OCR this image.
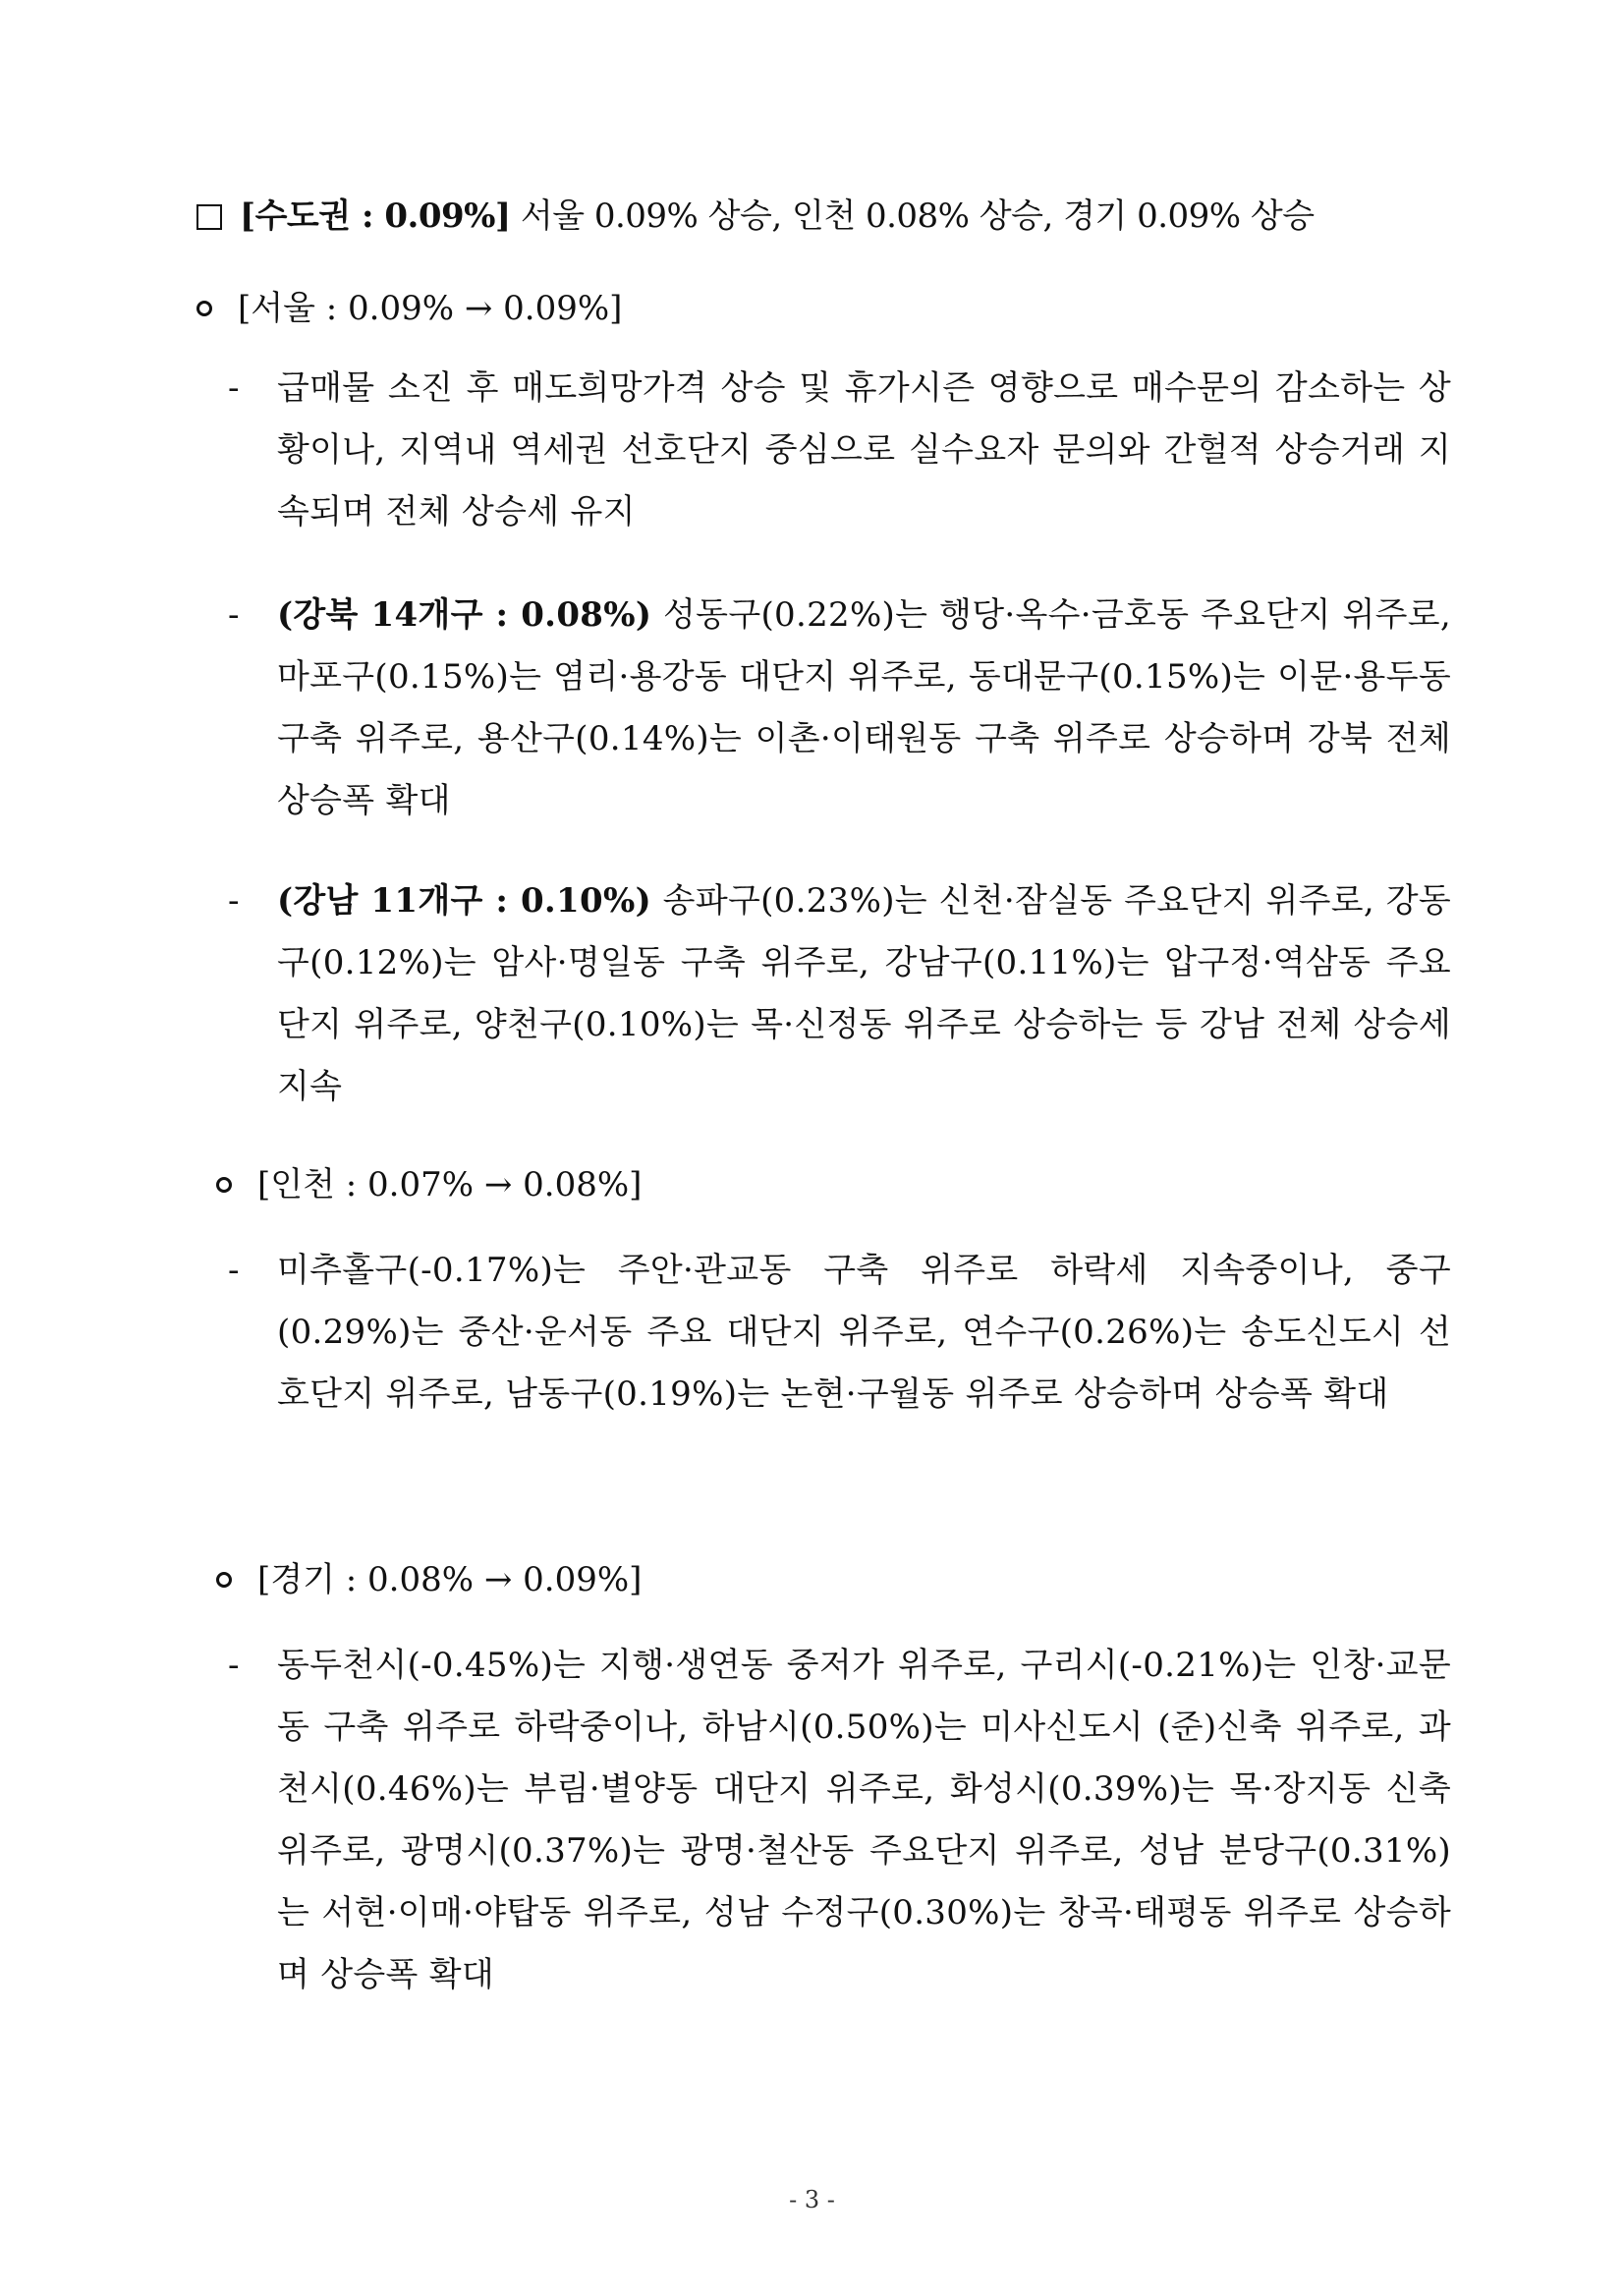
[수도권 : 0.09%] 서울 0.09% 상승, 인천 0.08% 상승, 경기 0.09% 상승
[서울 : 0.09% → 0.09%]
- 급매물 소진 후 매도희망가격 상승 및 휴가시즌 영향으로 매수문의 감소하는 상황이나, 지역내 역세권 선호단지 중심으로 실수요자 문의와 간헐적 상승거래 지속되며 전체 상승세 유지
- (강북 14개구 : 0.08%) 성동구(0.22%)는 행당·옥수·금호동 주요단지 위주로, 마포구(0.15%)는 염리·용강동 대단지 위주로, 동대문구(0.15%)는 이문·용두동 구축 위주로, 용산구(0.14%)는 이촌·이태원동 구축 위주로 상승하며 강북 전체 상승폭 확대
- (강남 11개구 : 0.10%) 송파구(0.23%)는 신천·잠실동 주요단지 위주로, 강동구(0.12%)는 암사·명일동 구축 위주로, 강남구(0.11%)는 압구정·역삼동 주요단지 위주로, 양천구(0.10%)는 목·신정동 위주로 상승하는 등 강남 전체 상승세 지속
[인천 : 0.07% → 0.08%]
- 미추홀구(-0.17%)는 주안·관교동 구축 위주로 하락세 지속중이나, 중구(0.29%)는 중산·운서동 주요 대단지 위주로, 연수구(0.26%)는 송도신도시 선호단지 위주로, 남동구(0.19%)는 논현·구월동 위주로 상승하며 상승폭 확대
[경기 : 0.08% → 0.09%]
- 동두천시(-0.45%)는 지행·생연동 중저가 위주로, 구리시(-0.21%)는 인창·교문동 구축 위주로 하락중이나, 하남시(0.50%)는 미사신도시 (준)신축 위주로, 과천시(0.46%)는 부림·별양동 대단지 위주로, 화성시(0.39%)는 목·장지동 신축 위주로, 광명시(0.37%)는 광명·철산동 주요단지 위주로, 성남 분당구(0.31%)는 서현·이매·야탑동 위주로, 성남 수정구(0.30%)는 창곡·태평동 위주로 상승하며 상승폭 확대
- 3 -
